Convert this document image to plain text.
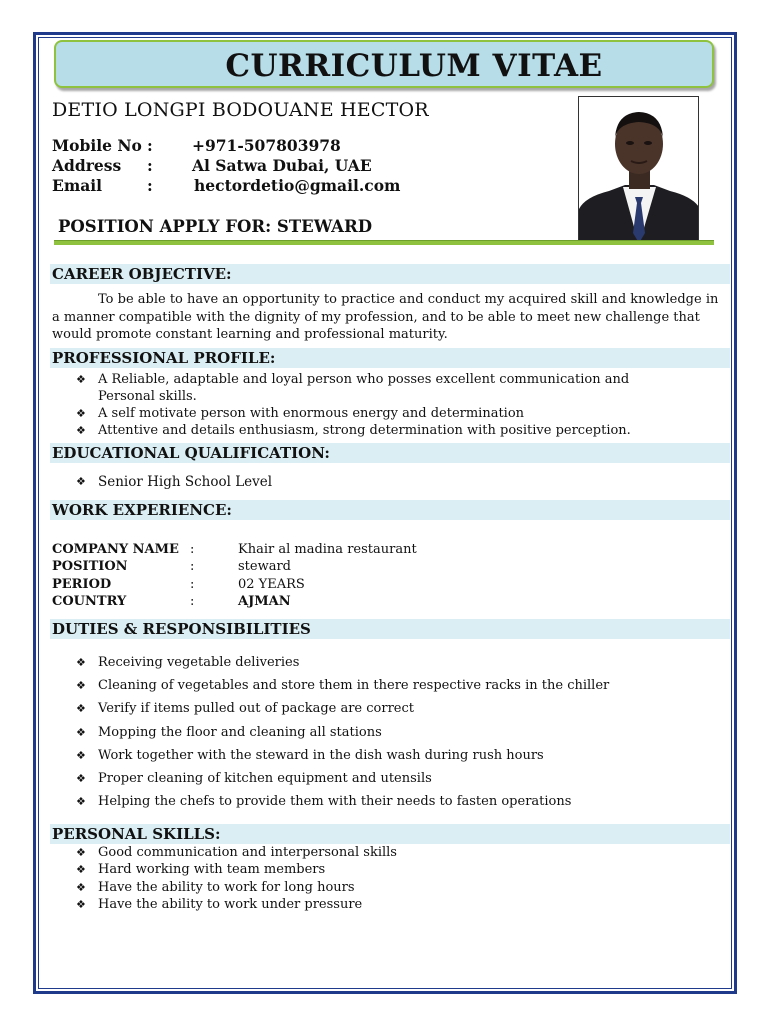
CURRICULUM VITAE
DETIO LONGPI BODOUANE HECTOR
Mobile No :	+971-507803978
Address :	Al Satwa Dubai, UAE
Email	:	hectordetio@gmail.com
POSITION APPLY FOR: STEWARD
CAREER OBJECTIVE:
To be able to have an opportunity to practice and conduct my acquired skill and knowledge in a manner compatible with the dignity of my profession, and to be able to meet new challenge that would promote constant learning and professional maturity.
PROFESSIONAL PROFILE:
❖ A Reliable, adaptable and loyal person who posses excellent communication and Personal skills.
❖ A self motivate person with enormous energy and determination
❖ Attentive and details enthusiasm, strong determination with positive perception.
EDUCATIONAL QUALIFICATION:
❖ Senior High School Level
WORK EXPERIENCE:
COMPANY NAME :	Khair al madina restaurant
POSITION	:	steward
PERIOD	:	02 YEARS
COUNTRY	:	AJMAN
DUTIES & RESPONSIBILITIES
❖ Receiving vegetable deliveries
❖ Cleaning of vegetables and store them in there respective racks in the chiller
❖ Verify if items pulled out of package are correct
❖ Mopping the floor and cleaning all stations
❖ Work together with the steward in the dish wash during rush hours
❖ Proper cleaning of kitchen equipment and utensils
❖ Helping the chefs to provide them with their needs to fasten operations
PERSONAL SKILLS:
❖ Good communication and interpersonal skills
❖ Hard working with team members
❖ Have the ability to work for long hours
❖ Have the ability to work under pressure
